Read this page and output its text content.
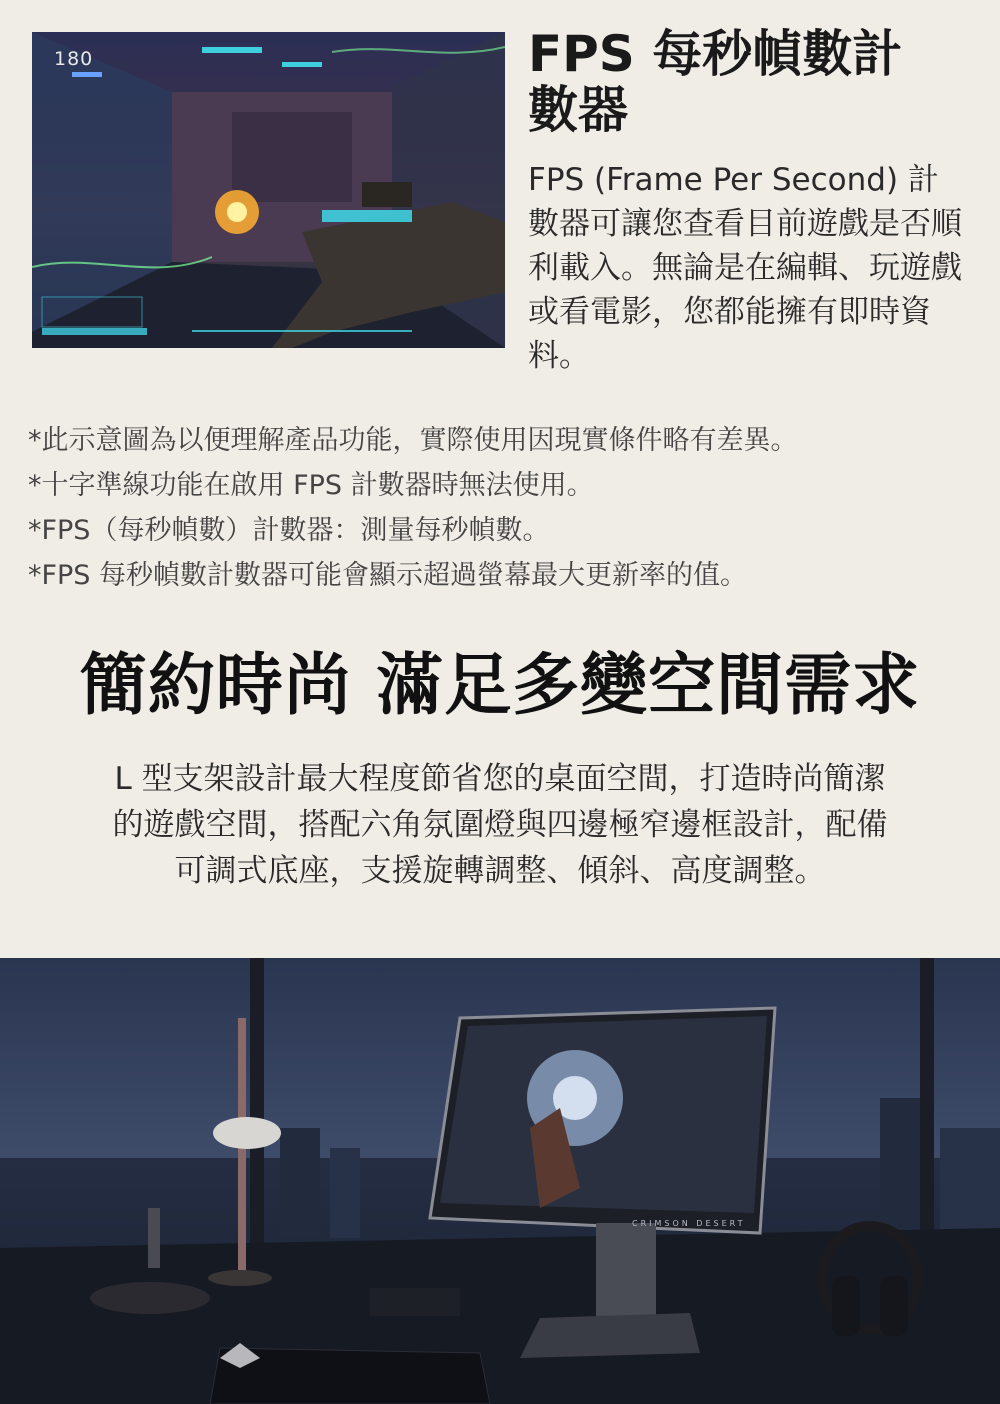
180	FPS 每秒幀數計數器

FPS (Frame Per Second) 計數器可讓您查看目前遊戲是否順利載入。無論是在編輯、玩遊戲或看電影，您都能擁有即時資料。

*此示意圖為以便理解產品功能，實際使用因現實條件略有差異。
*十字準線功能在啟用 FPS 計數器時無法使用。
*FPS（每秒幀數）計數器：測量每秒幀數。
*FPS 每秒幀數計數器可能會顯示超過螢幕最大更新率的值。
簡約時尚 滿足多變空間需求

L 型支架設計最大程度節省您的桌面空間，打造時尚簡潔的遊戲空間，搭配六角氛圍燈與四邊極窄邊框設計，配備可調式底座，支援旋轉調整、傾斜、高度調整。

CRIMSON DESERT
